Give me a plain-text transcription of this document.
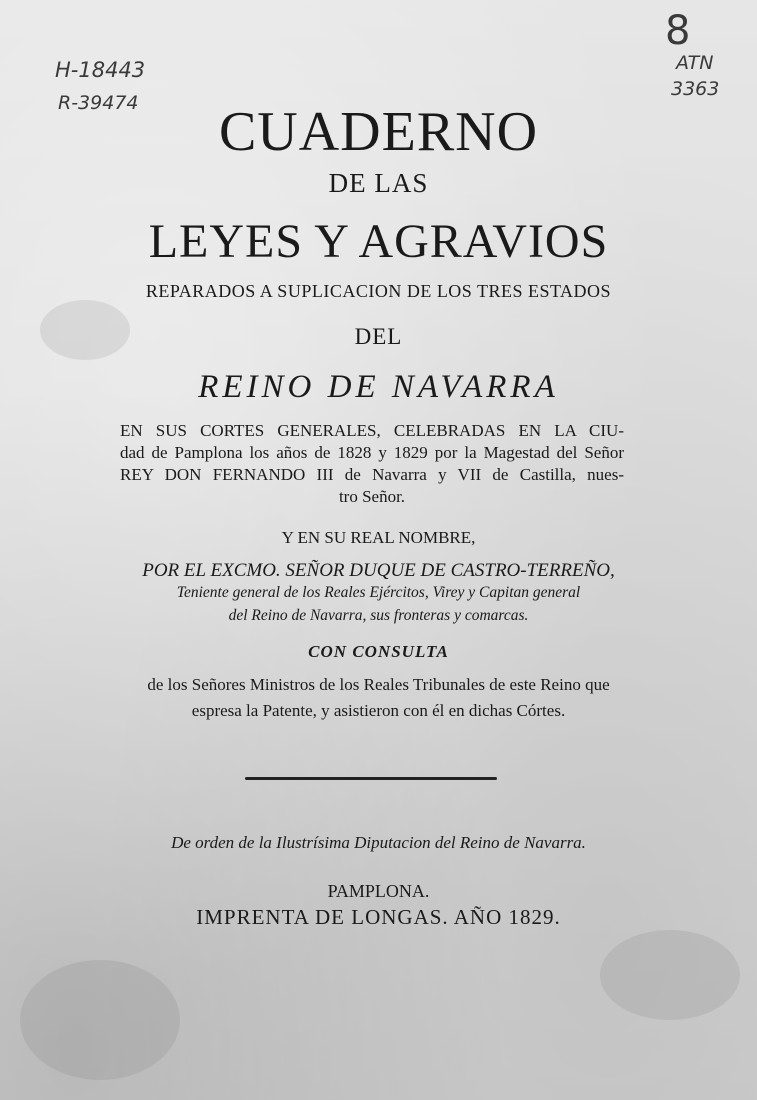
H-18443
R-39474
8
ATN
3363
CUADERNO
DE LAS
LEYES Y AGRAVIOS
REPARADOS A SUPLICACION DE LOS TRES ESTADOS
DEL
REINO DE NAVARRA
EN SUS CORTES GENERALES, CELEBRADAS EN LA CIU-
dad de Pamplona los años de 1828 y 1829 por la Magestad del Señor
REY DON FERNANDO III de Navarra y VII de Castilla, nues-
tro Señor.
Y EN SU REAL NOMBRE,
POR EL EXCMO. SEÑOR DUQUE DE CASTRO-TERREÑO,
Teniente general de los Reales Ejércitos, Virey y Capitan general
del Reino de Navarra, sus fronteras y comarcas.
CON CONSULTA
de los Señores Ministros de los Reales Tribunales de este Reino que
espresa la Patente, y asistieron con él en dichas Córtes.
De orden de la Ilustrísima Diputacion del Reino de Navarra.
PAMPLONA.
IMPRENTA DE LONGAS. AÑO 1829.
